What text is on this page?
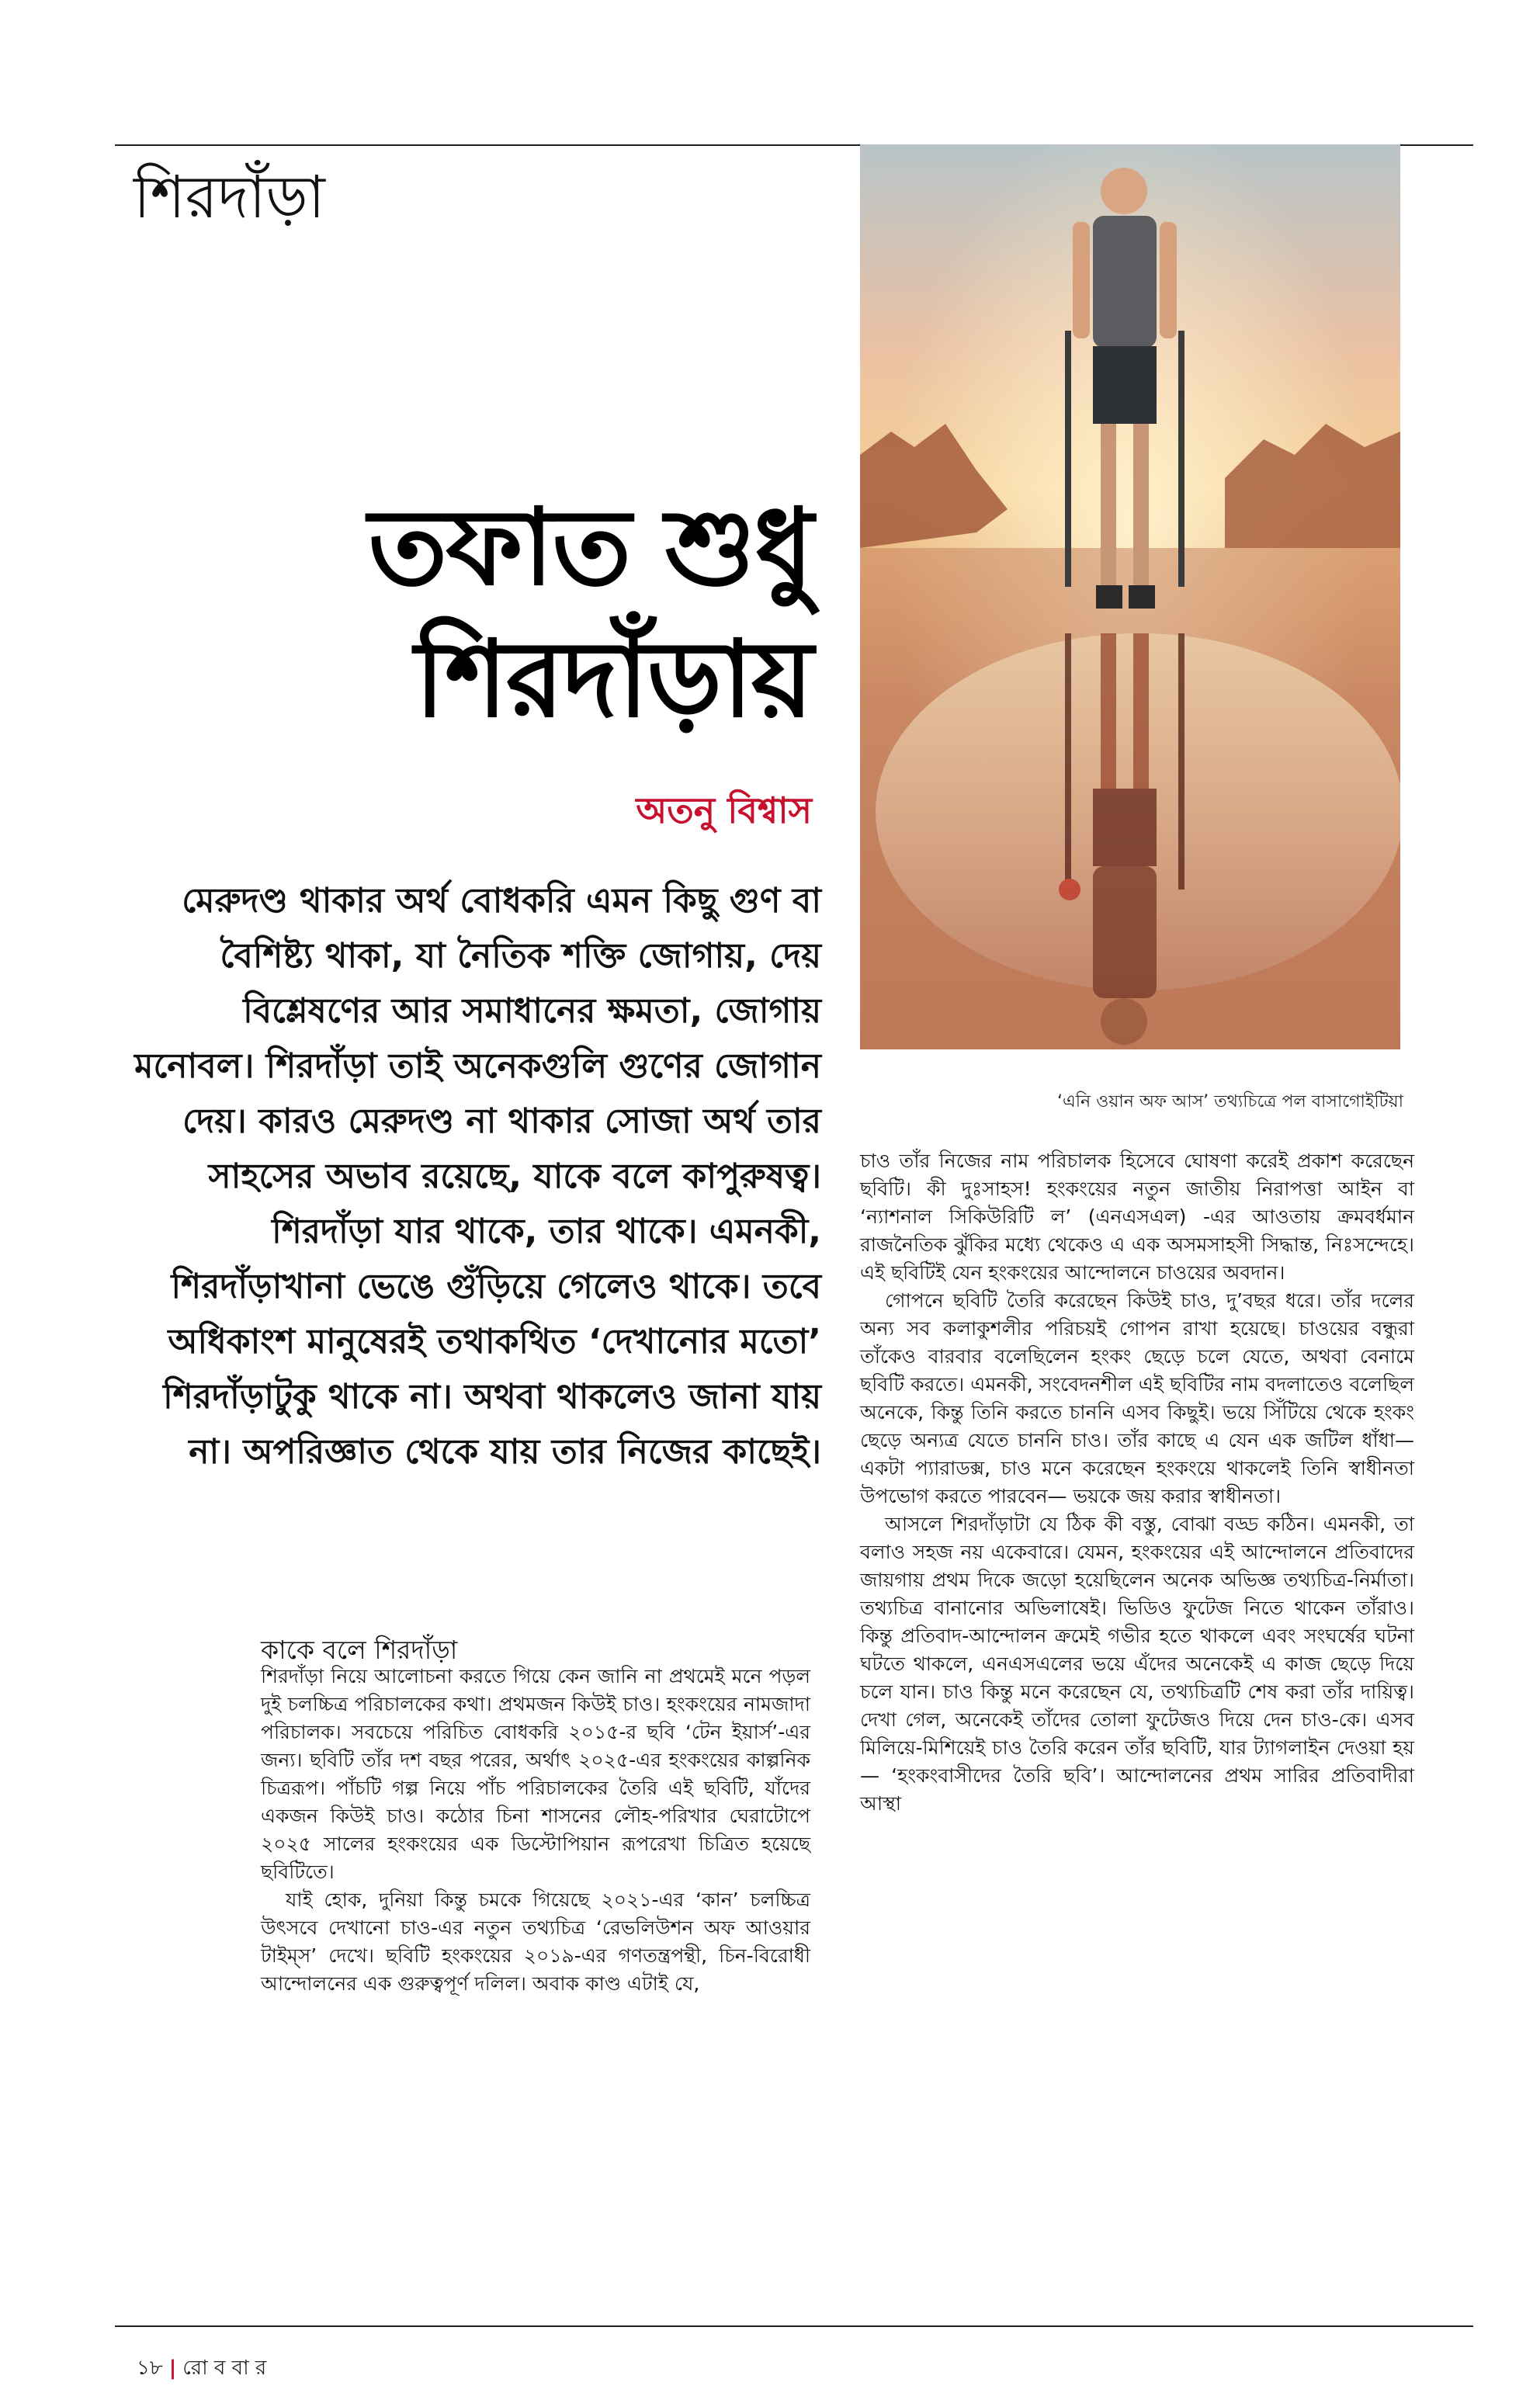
শিরদাঁড়া
তফাত শুধু
শিরদাঁড়ায়
অতনু বিশ্বাস
মেরুদণ্ড থাকার অর্থ বোধকরি এমন কিছু গুণ বা বৈশিষ্ট্য থাকা, যা নৈতিক শক্তি জোগায়, দেয় বিশ্লেষণের আর সমাধানের ক্ষমতা, জোগায় মনোবল। শিরদাঁড়া তাই অনেকগুলি গুণের জোগান দেয়। কারও মেরুদণ্ড না থাকার সোজা অর্থ তার সাহসের অভাব রয়েছে, যাকে বলে কাপুরুষত্ব। শিরদাঁড়া যার থাকে, তার থাকে। এমনকী, শিরদাঁড়াখানা ভেঙে গুঁড়িয়ে গেলেও থাকে। তবে অধিকাংশ মানুষেরই তথাকথিত ‘দেখানোর মতো’ শিরদাঁড়াটুকু থাকে না। অথবা থাকলেও জানা যায় না। অপরিজ্ঞাত থেকে যায় তার নিজের কাছেই।
‘এনি ওয়ান অফ আস’ তথ্যচিত্রে পল বাসাগোইটিয়া
কাকে বলে শিরদাঁড়া

শিরদাঁড়া নিয়ে আলোচনা করতে গিয়ে কেন জানি না প্রথমেই মনে পড়ল দুই চলচ্চিত্র পরিচালকের কথা। প্রথমজন কিউই চাও। হংকংয়ের নামজাদা পরিচালক। সবচেয়ে পরিচিত বোধকরি ২০১৫-র ছবি ‘টেন ইয়ার্স’-এর জন্য। ছবিটি তাঁর দশ বছর পরের, অর্থাৎ ২০২৫-এর হংকংয়ের কাল্পনিক চিত্ররূপ। পাঁচটি গল্প নিয়ে পাঁচ পরিচালকের তৈরি এই ছবিটি, যাঁদের একজন কিউই চাও। কঠোর চিনা শাসনের লৌহ-পরিখার ঘেরাটোপে ২০২৫ সালের হংকংয়ের এক ডিস্টোপিয়ান রূপরেখা চিত্রিত হয়েছে ছবিটিতে।

যাই হোক, দুনিয়া কিন্তু চমকে গিয়েছে ২০২১-এর ‘কান’ চলচ্চিত্র উৎসবে দেখানো চাও-এর নতুন তথ্যচিত্র ‘রেভলিউশন অফ আওয়ার টাইম্‌স’ দেখে। ছবিটি হংকংয়ের ২০১৯-এর গণতন্ত্রপন্থী, চিন-বিরোধী আন্দোলনের এক গুরুত্বপূর্ণ দলিল। অবাক কাণ্ড এটাই যে,

চাও তাঁর নিজের নাম পরিচালক হিসেবে ঘোষণা করেই প্রকাশ করেছেন ছবিটি। কী দুঃসাহস! হংকংয়ের নতুন জাতীয় নিরাপত্তা আইন বা ‘ন্যাশনাল সিকিউরিটি ল’ (এনএসএল) -এর আওতায় ক্রমবর্ধমান রাজনৈতিক ঝুঁকির মধ্যে থেকেও এ এক অসমসাহসী সিদ্ধান্ত, নিঃসন্দেহে। এই ছবিটিই যেন হংকংয়ের আন্দোলনে চাওয়ের অবদান।

গোপনে ছবিটি তৈরি করেছেন কিউই চাও, দু’বছর ধরে। তাঁর দলের অন্য সব কলাকুশলীর পরিচয়ই গোপন রাখা হয়েছে। চাওয়ের বন্ধুরা তাঁকেও বারবার বলেছিলেন হংকং ছেড়ে চলে যেতে, অথবা বেনামে ছবিটি করতে। এমনকী, সংবেদনশীল এই ছবিটির নাম বদলাতেও বলেছিল অনেকে, কিন্তু তিনি করতে চাননি এসব কিছুই। ভয়ে সিঁটিয়ে থেকে হংকং ছেড়ে অন্যত্র যেতে চাননি চাও। তাঁর কাছে এ যেন এক জটিল ধাঁধা— একটা প্যারাডক্স, চাও মনে করেছেন হংকংয়ে থাকলেই তিনি স্বাধীনতা উপভোগ করতে পারবেন— ভয়কে জয় করার স্বাধীনতা।

আসলে শিরদাঁড়াটা যে ঠিক কী বস্তু, বোঝা বড্ড কঠিন। এমনকী, তা বলাও সহজ নয় একেবারে। যেমন, হংকংয়ের এই আন্দোলনে প্রতিবাদের জায়গায় প্রথম দিকে জড়ো হয়েছিলেন অনেক অভিজ্ঞ তথ্যচিত্র-নির্মাতা। তথ্যচিত্র বানানোর অভিলাষেই। ভিডিও ফুটেজ নিতে থাকেন তাঁরাও। কিন্তু প্রতিবাদ-আন্দোলন ক্রমেই গভীর হতে থাকলে এবং সংঘর্ষের ঘটনা ঘটতে থাকলে, এনএসএলের ভয়ে এঁদের অনেকেই এ কাজ ছেড়ে দিয়ে চলে যান। চাও কিন্তু মনে করেছেন যে, তথ্যচিত্রটি শেষ করা তাঁর দায়িত্ব। দেখা গেল, অনেকেই তাঁদের তোলা ফুটেজও দিয়ে দেন চাও-কে। এসব মিলিয়ে-মিশিয়েই চাও তৈরি করেন তাঁর ছবিটি, যার ট্যাগলাইন দেওয়া হয়— ‘হংকংবাসীদের তৈরি ছবি’। আন্দোলনের প্রথম সারির প্রতিবাদীরা আস্থা

১৮ | রো ব বা র
